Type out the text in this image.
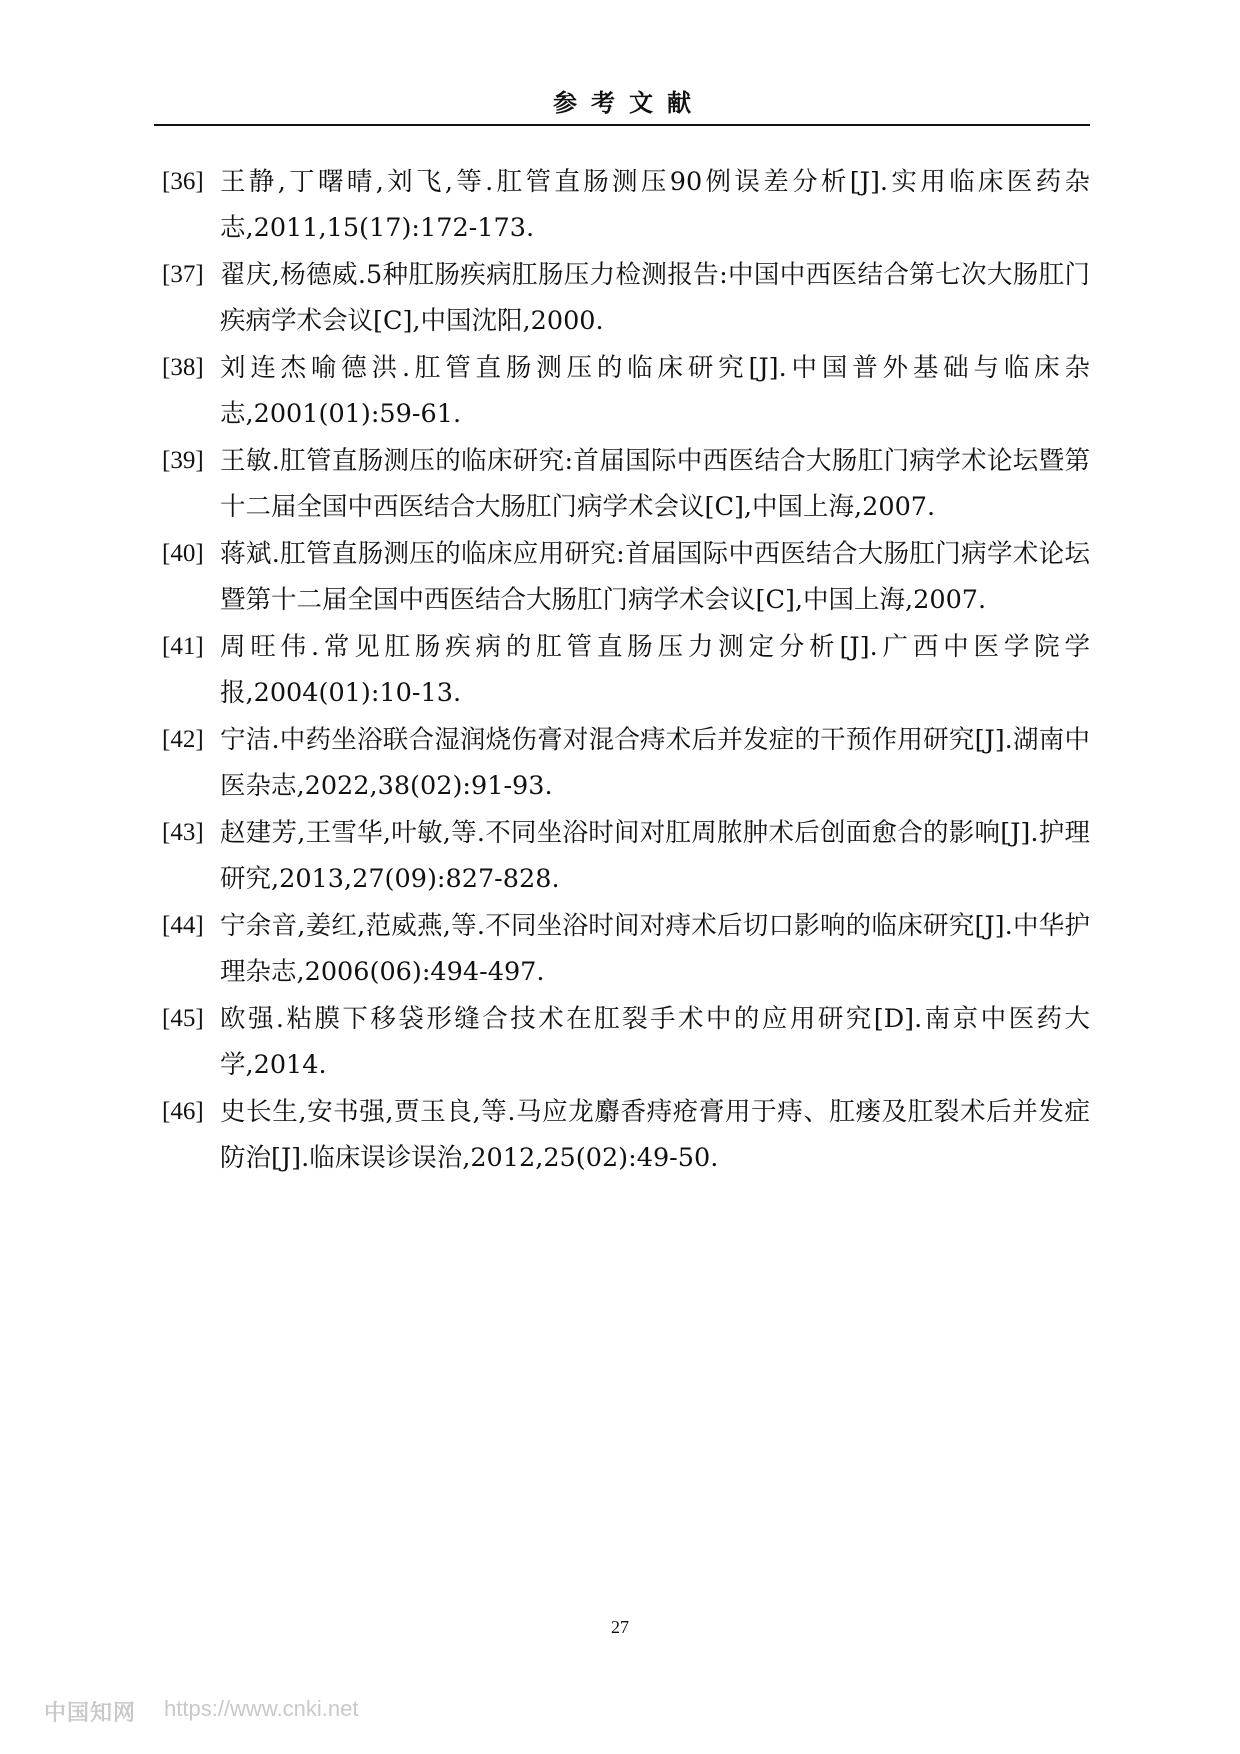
参考文献
[36] 王静,丁曙晴,刘飞,等.肛管直肠测压90例误差分析[J].实用临床医药杂志,2011,15(17):172-173.
[37] 翟庆,杨德威.5种肛肠疾病肛肠压力检测报告:中国中西医结合第七次大肠肛门疾病学术会议[C],中国沈阳,2000.
[38] 刘连杰喻德洪.肛管直肠测压的临床研究[J].中国普外基础与临床杂志,2001(01):59-61.
[39] 王敏.肛管直肠测压的临床研究:首届国际中西医结合大肠肛门病学术论坛暨第十二届全国中西医结合大肠肛门病学术会议[C],中国上海,2007.
[40] 蒋斌.肛管直肠测压的临床应用研究:首届国际中西医结合大肠肛门病学术论坛暨第十二届全国中西医结合大肠肛门病学术会议[C],中国上海,2007.
[41] 周旺伟.常见肛肠疾病的肛管直肠压力测定分析[J].广西中医学院学报,2004(01):10-13.
[42] 宁洁.中药坐浴联合湿润烧伤膏对混合痔术后并发症的干预作用研究[J].湖南中医杂志,2022,38(02):91-93.
[43] 赵建芳,王雪华,叶敏,等.不同坐浴时间对肛周脓肿术后创面愈合的影响[J].护理研究,2013,27(09):827-828.
[44] 宁余音,姜红,范威燕,等.不同坐浴时间对痔术后切口影响的临床研究[J].中华护理杂志,2006(06):494-497.
[45] 欧强.粘膜下移袋形缝合技术在肛裂手术中的应用研究[D].南京中医药大学,2014.
[46] 史长生,安书强,贾玉良,等.马应龙麝香痔疮膏用于痔、肛瘘及肛裂术后并发症防治[J].临床误诊误治,2012,25(02):49-50.
27
中国知网 https://www.cnki.net
